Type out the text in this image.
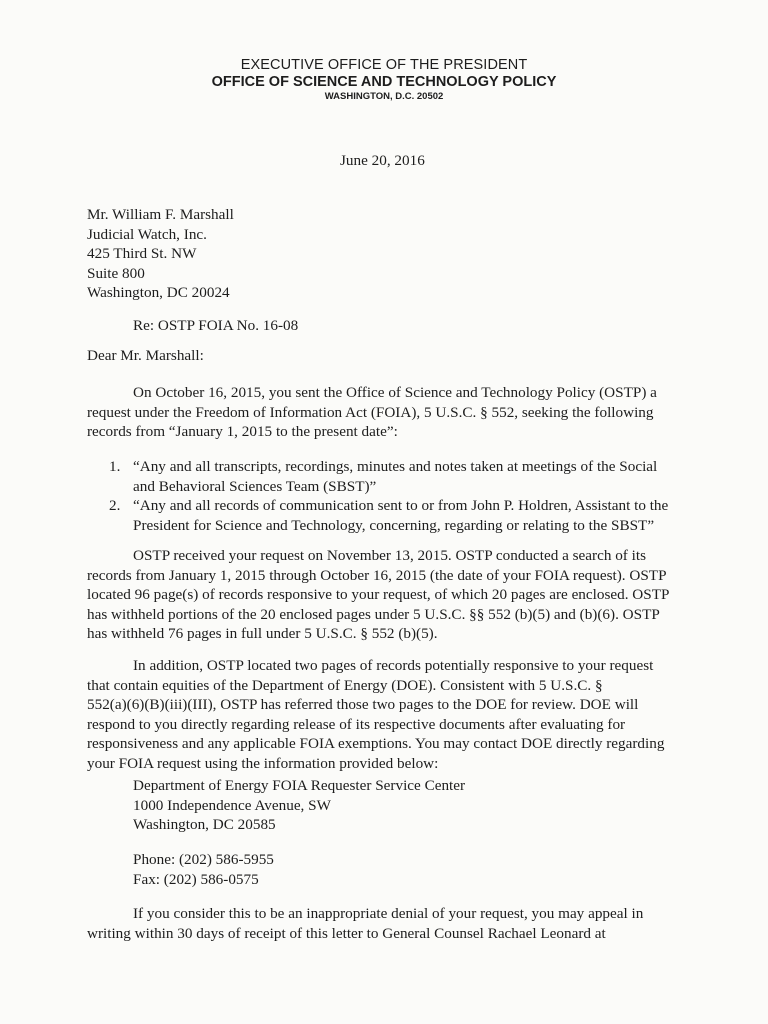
EXECUTIVE OFFICE OF THE PRESIDENT
OFFICE OF SCIENCE AND TECHNOLOGY POLICY
WASHINGTON, D.C. 20502
June 20, 2016
Mr. William F. Marshall
Judicial Watch, Inc.
425 Third St. NW
Suite 800
Washington, DC 20024
Re: OSTP FOIA No. 16-08
Dear Mr. Marshall:
On October 16, 2015, you sent the Office of Science and Technology Policy (OSTP) a
request under the Freedom of Information Act (FOIA), 5 U.S.C. § 552, seeking the following
records from “January 1, 2015 to the present date”:
1. “Any and all transcripts, recordings, minutes and notes taken at meetings of the Social
and Behavioral Sciences Team (SBST)”
2. “Any and all records of communication sent to or from John P. Holdren, Assistant to the
President for Science and Technology, concerning, regarding or relating to the SBST”
OSTP received your request on November 13, 2015. OSTP conducted a search of its
records from January 1, 2015 through October 16, 2015 (the date of your FOIA request). OSTP
located 96 page(s) of records responsive to your request, of which 20 pages are enclosed. OSTP
has withheld portions of the 20 enclosed pages under 5 U.S.C. §§ 552 (b)(5) and (b)(6). OSTP
has withheld 76 pages in full under 5 U.S.C. § 552 (b)(5).
In addition, OSTP located two pages of records potentially responsive to your request
that contain equities of the Department of Energy (DOE). Consistent with 5 U.S.C. §
552(a)(6)(B)(iii)(III), OSTP has referred those two pages to the DOE for review. DOE will
respond to you directly regarding release of its respective documents after evaluating for
responsiveness and any applicable FOIA exemptions. You may contact DOE directly regarding
your FOIA request using the information provided below:
Department of Energy FOIA Requester Service Center
1000 Independence Avenue, SW
Washington, DC 20585
Phone: (202) 586-5955
Fax: (202) 586-0575
If you consider this to be an inappropriate denial of your request, you may appeal in
writing within 30 days of receipt of this letter to General Counsel Rachael Leonard at
